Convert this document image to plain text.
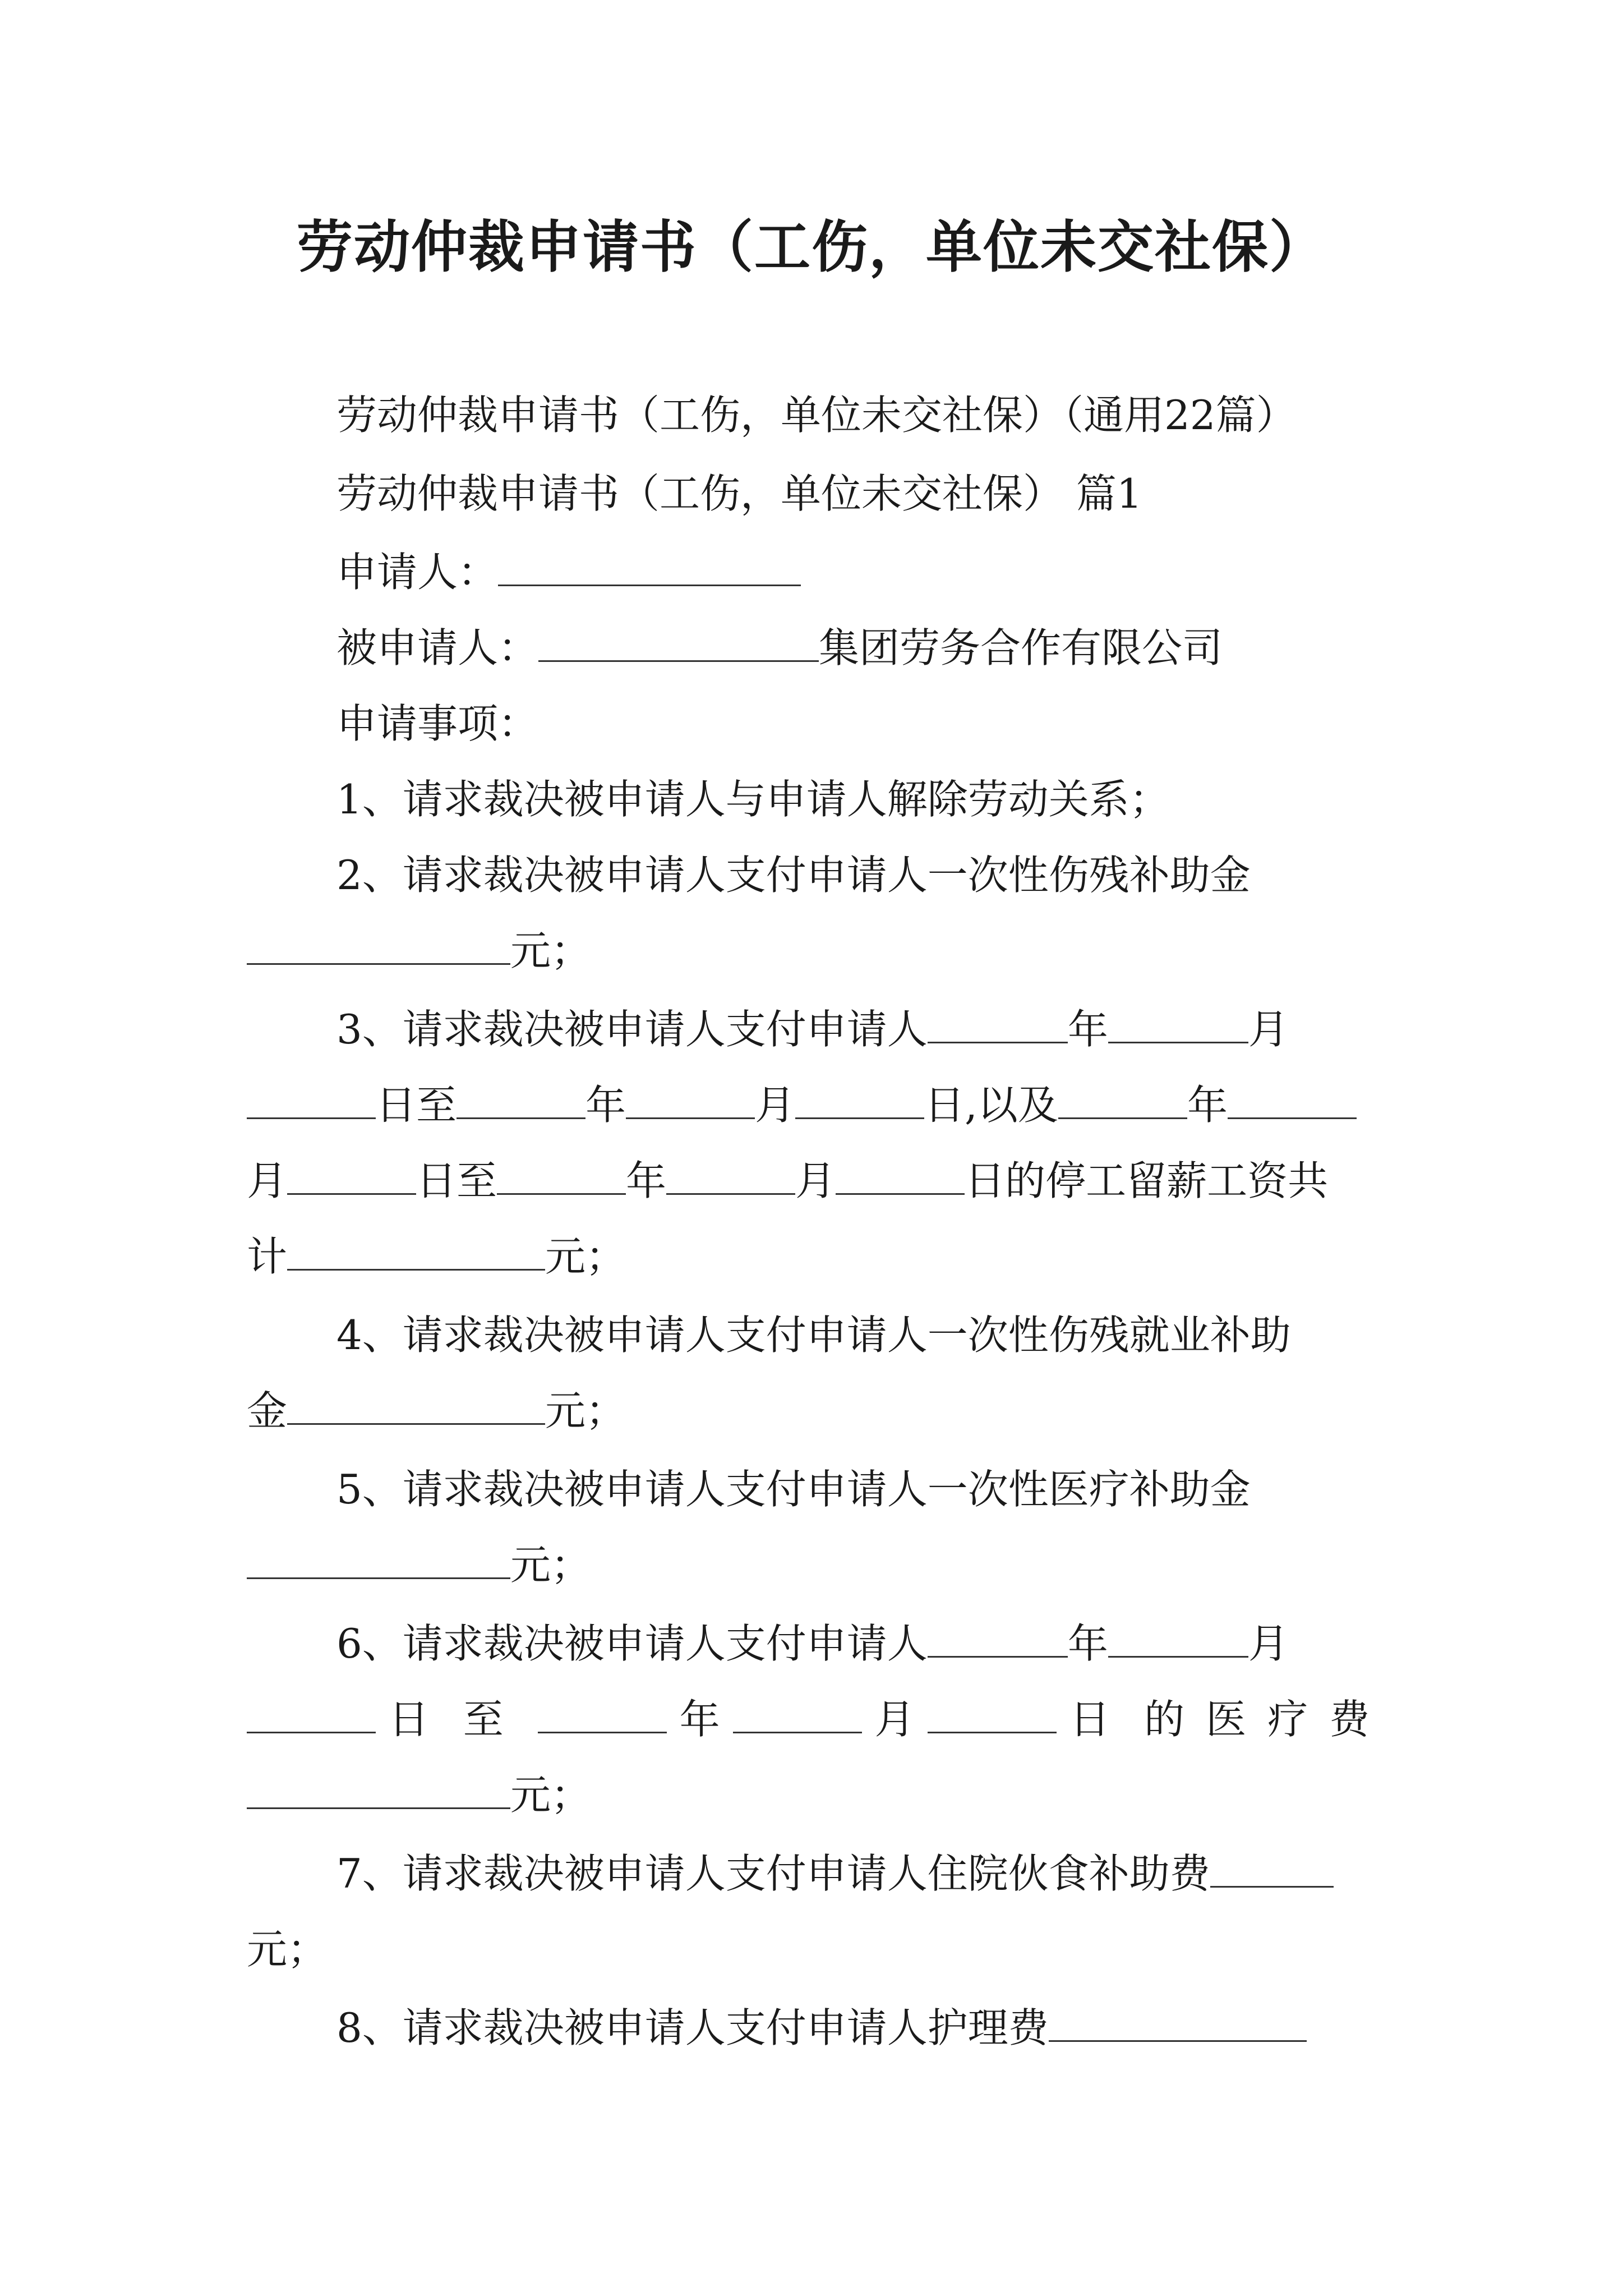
劳动仲裁申请书（工伤，单位未交社保）
劳动仲裁申请书（工伤，单位未交社保）（通用22篇）
劳动仲裁申请书（工伤，单位未交社保） 篇1
申请人：
被申请人：	集团劳务合作有限公司
申请事项：
1、请求裁决被申请人与申请人解除劳动关系；
2、请求裁决被申请人支付申请人一次性伤残补助金
元；
3、请求裁决被申请人支付申请人	年	月
日至	年	月	日,以及	年
月	日至	年	月	日的停工留薪工资共
计	元；
4、请求裁决被申请人支付申请人一次性伤残就业补助
金	元；
5、请求裁决被申请人支付申请人一次性医疗补助金
元；
6、请求裁决被申请人支付申请人	年	月
日 至	年	月	日 的医疗费
元；
7、请求裁决被申请人支付申请人住院伙食补助费
元；
8、请求裁决被申请人支付申请人护理费
